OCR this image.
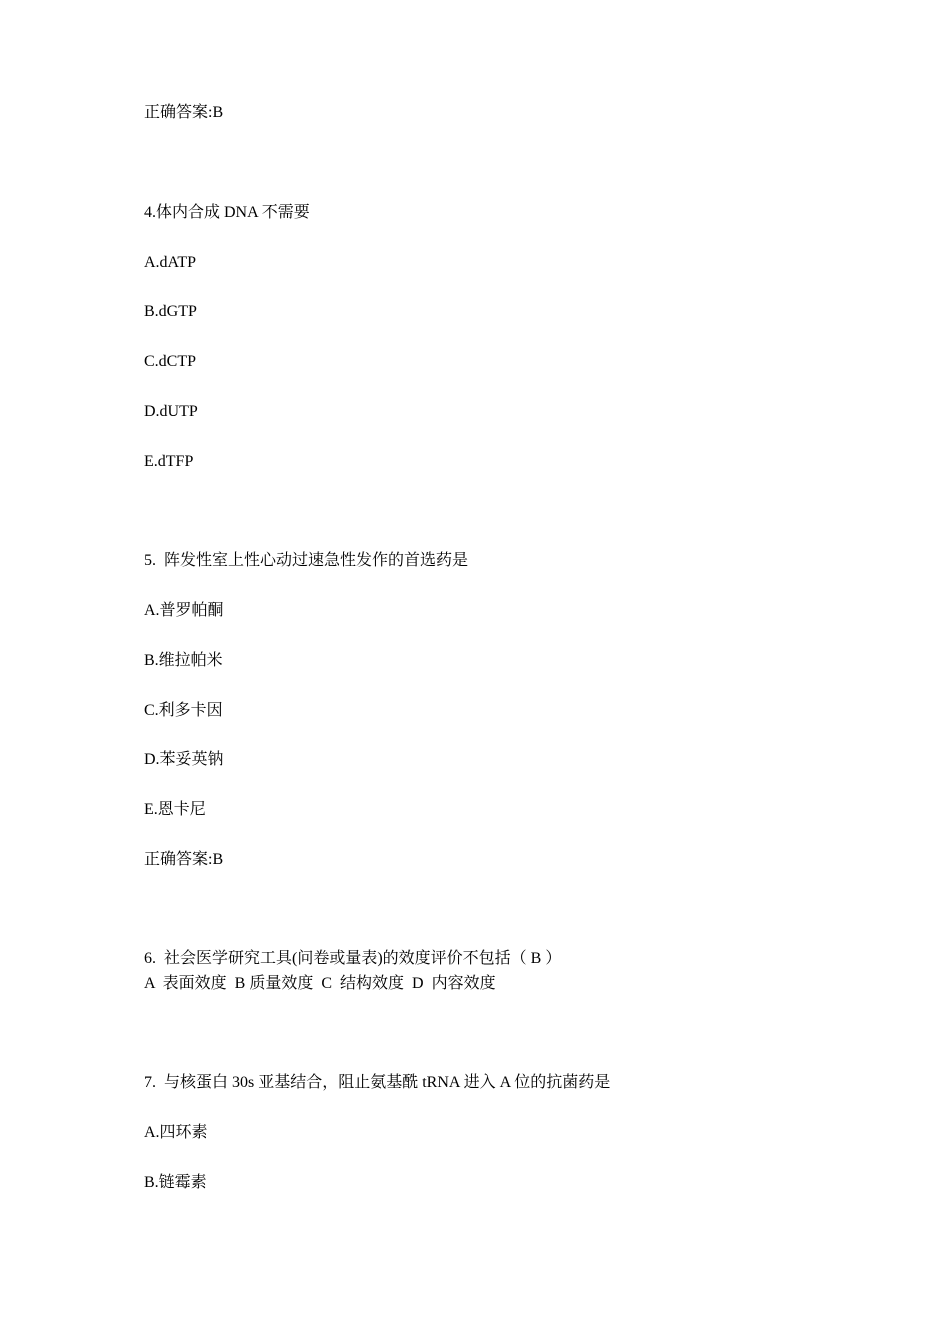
正确答案:B
4.体内合成 DNA 不需要
A.dATP
B.dGTP
C.dCTP
D.dUTP
E.dTFP
5.  阵发性室上性心动过速急性发作的首选药是
A.普罗帕酮
B.维拉帕米
C.利多卡因
D.苯妥英钠
E.恩卡尼
正确答案:B
6.  社会医学研究工具(问卷或量表)的效度评价不包括（ B ）
A  表面效度  B 质量效度  C  结构效度  D  内容效度
7.  与核蛋白 30s 亚基结合，阻止氨基酰 tRNA 进入 A 位的抗菌药是
A.四环素
B.链霉素
